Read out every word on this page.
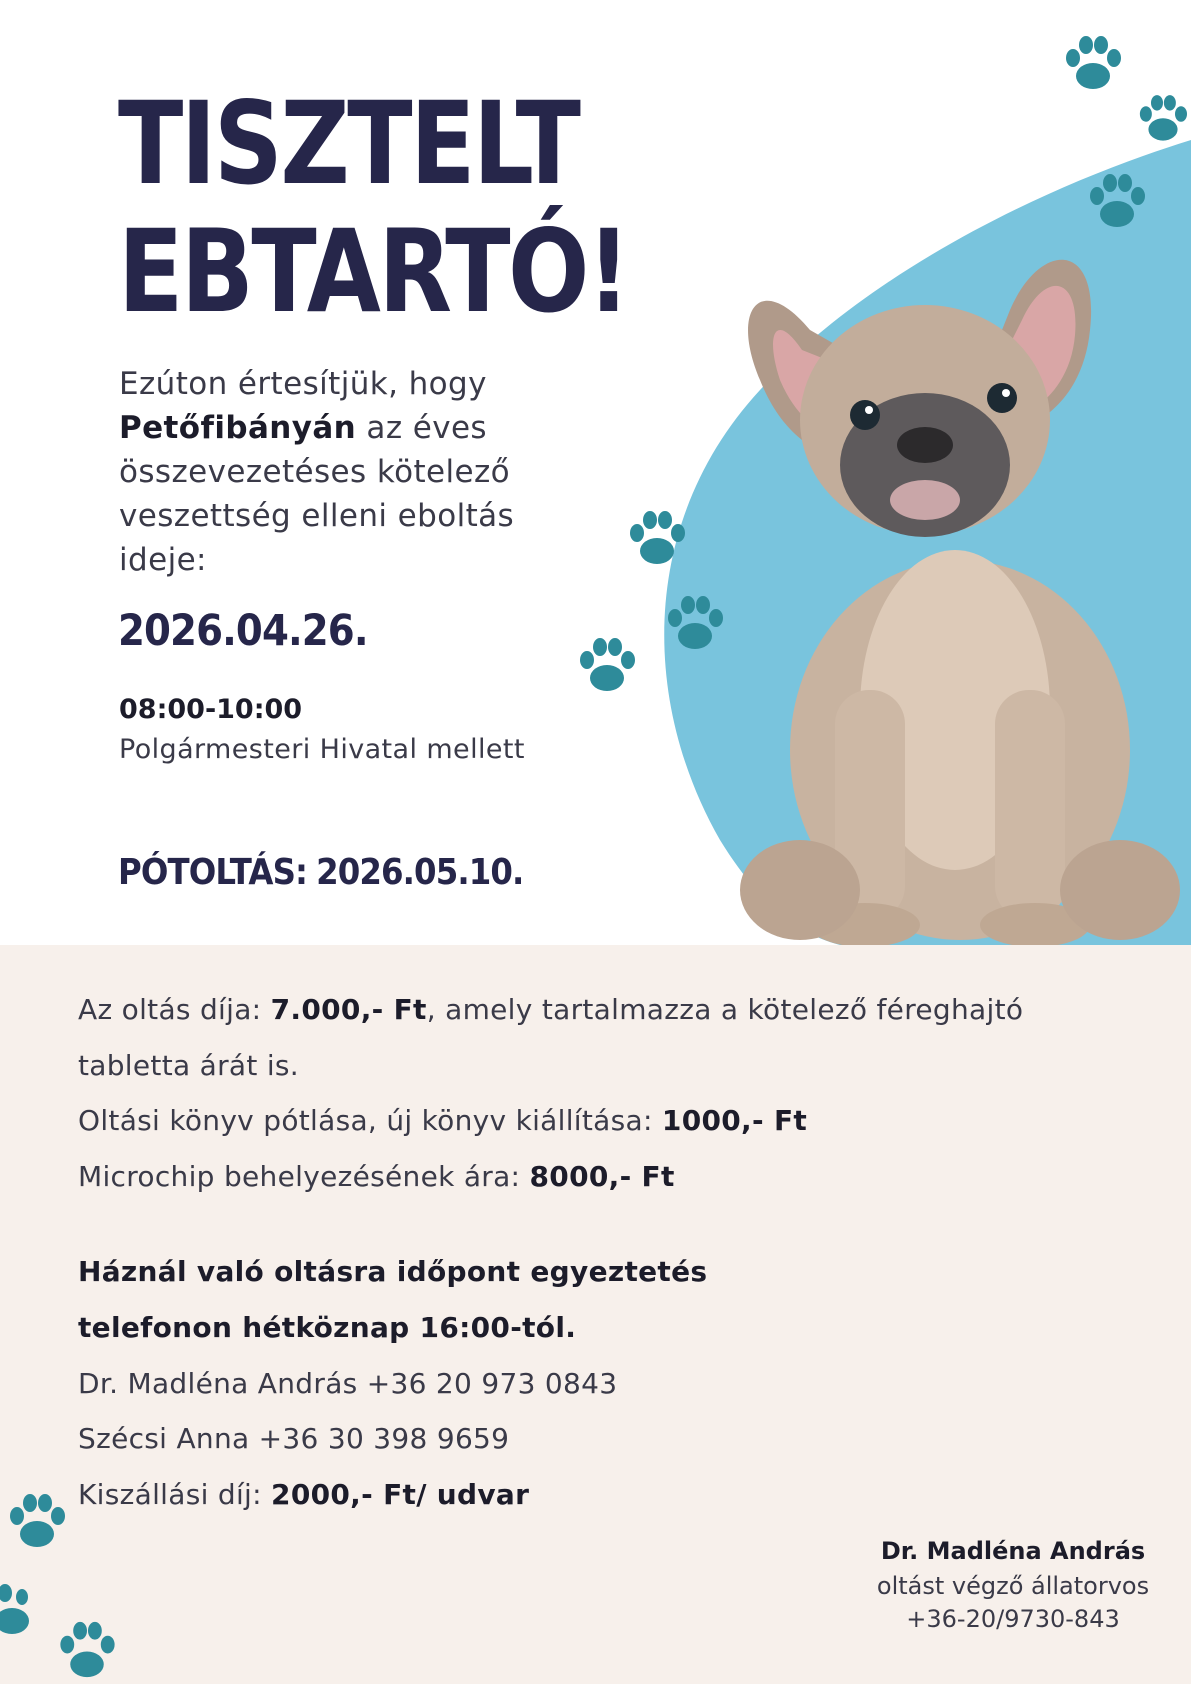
TISZTELT
EBTARTÓ!

Ezúton értesítjük, hogy Petőfibányán az éves összevezetéses kötelező veszettség elleni eboltás ideje:

2026.04.26.
08:00-10:00
Polgármesteri Hivatal mellett
PÓTOLTÁS: 2026.05.10.
Az oltás díja: 7.000,- Ft, amely tartalmazza a kötelező féreghajtó
tabletta árát is.
Oltási könyv pótlása, új könyv kiállítása: 1000,- Ft
Microchip behelyezésének ára: 8000,- Ft
Háznál való oltásra időpont egyeztetés
telefonon hétköznap 16:00-tól.
Dr. Madléna András +36 20 973 0843
Szécsi Anna +36 30 398 9659
Kiszállási díj: 2000,- Ft/ udvar
Dr. Madléna András
oltást végző állatorvos
+36-20/9730-843
